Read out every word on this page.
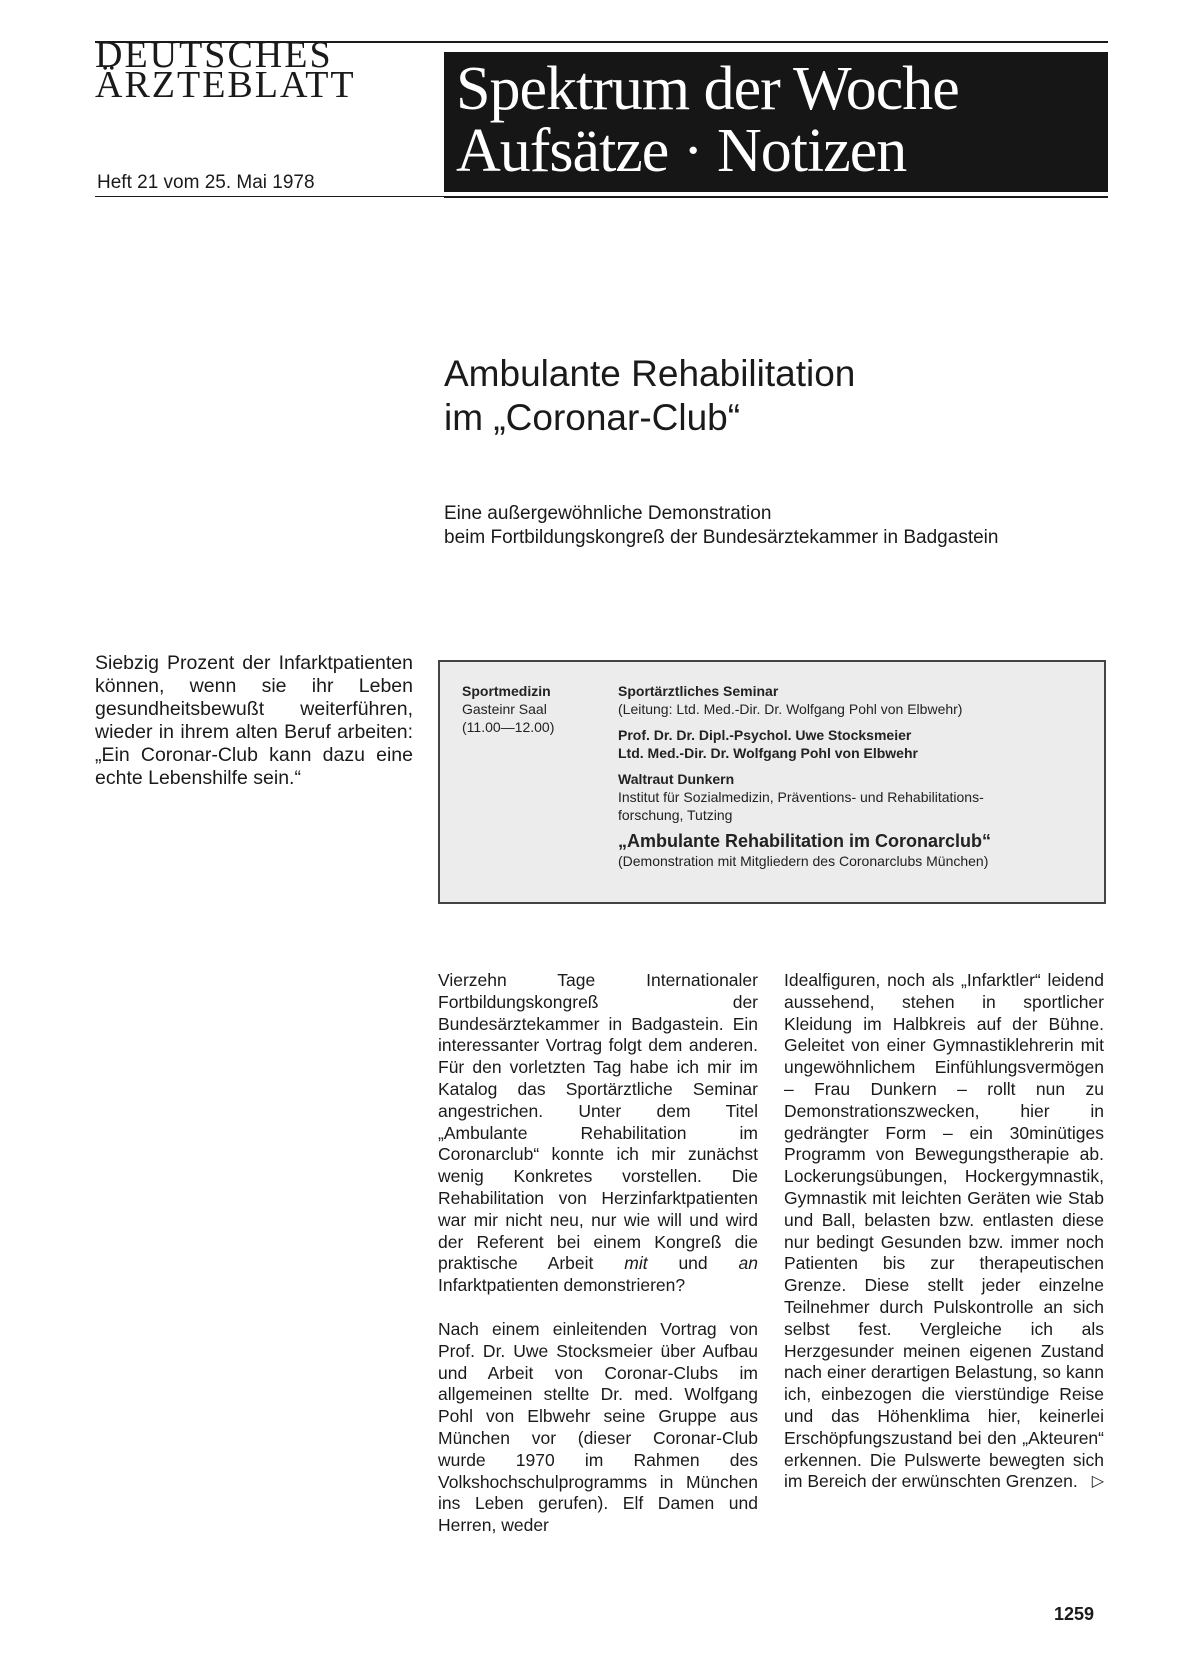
DEUTSCHES
ÄRZTEBLATT
Heft 21 vom 25. Mai 1978
Spektrum der Woche
Aufsätze · Notizen
Ambulante Rehabilitation
im „Coronar-Club“
Eine außergewöhnliche Demonstration
beim Fortbildungskongreß der Bundesärztekammer in Badgastein
Siebzig Prozent der Infarktpatienten können, wenn sie ihr Leben gesundheitsbewußt weiterführen, wieder in ihrem alten Beruf arbeiten: „Ein Coronar-Club kann dazu eine echte Lebenshilfe sein.“
Sportmedizin
Gasteinr Saal
(11.00—12.00)
Sportärztliches Seminar
(Leitung: Ltd. Med.-Dir. Dr. Wolfgang Pohl von Elbwehr)
Prof. Dr. Dr. Dipl.-Psychol. Uwe Stocksmeier
Ltd. Med.-Dir. Dr. Wolfgang Pohl von Elbwehr
Waltraut Dunkern
Institut für Sozialmedizin, Präventions- und Rehabilitations-
forschung, Tutzing
„Ambulante Rehabilitation im Coronarclub“
(Demonstration mit Mitgliedern des Coronarclubs München)

Vierzehn Tage Internationaler Fortbildungskongreß der Bundesärztekammer in Badgastein. Ein interessanter Vortrag folgt dem anderen. Für den vorletzten Tag habe ich mir im Katalog das Sportärztliche Seminar angestrichen. Unter dem Titel „Ambulante Rehabilitation im Coronarclub“ konnte ich mir zunächst wenig Konkretes vorstellen. Die Rehabilitation von Herzinfarktpatienten war mir nicht neu, nur wie will und wird der Referent bei einem Kongreß die praktische Arbeit mit und an Infarktpatienten demonstrieren?

Nach einem einleitenden Vortrag von Prof. Dr. Uwe Stocksmeier über Aufbau und Arbeit von Coronar-Clubs im allgemeinen stellte Dr. med. Wolfgang Pohl von Elbwehr seine Gruppe aus München vor (dieser Coronar-Club wurde 1970 im Rahmen des Volkshochschulprogramms in München ins Leben gerufen). Elf Damen und Herren, weder

Idealfiguren, noch als „Infarktler“ leidend aussehend, stehen in sportlicher Kleidung im Halbkreis auf der Bühne. Geleitet von einer Gymnastiklehrerin mit ungewöhnlichem Einfühlungsvermögen – Frau Dunkern – rollt nun zu Demonstrationszwecken, hier in gedrängter Form – ein 30minütiges Programm von Bewegungstherapie ab. Lockerungsübungen, Hockergymnastik, Gymnastik mit leichten Geräten wie Stab und Ball, belasten bzw. entlasten diese nur bedingt Gesunden bzw. immer noch Patienten bis zur therapeutischen Grenze. Diese stellt jeder einzelne Teilnehmer durch Pulskontrolle an sich selbst fest. Vergleiche ich als Herzgesunder meinen eigenen Zustand nach einer derartigen Belastung, so kann ich, einbezogen die vierstündige Reise und das Höhenklima hier, keinerlei Erschöpfungszustand bei den „Akteuren“ erkennen. Die Pulswerte bewegten sich im Bereich der erwünschten Grenzen. ▷

1259
